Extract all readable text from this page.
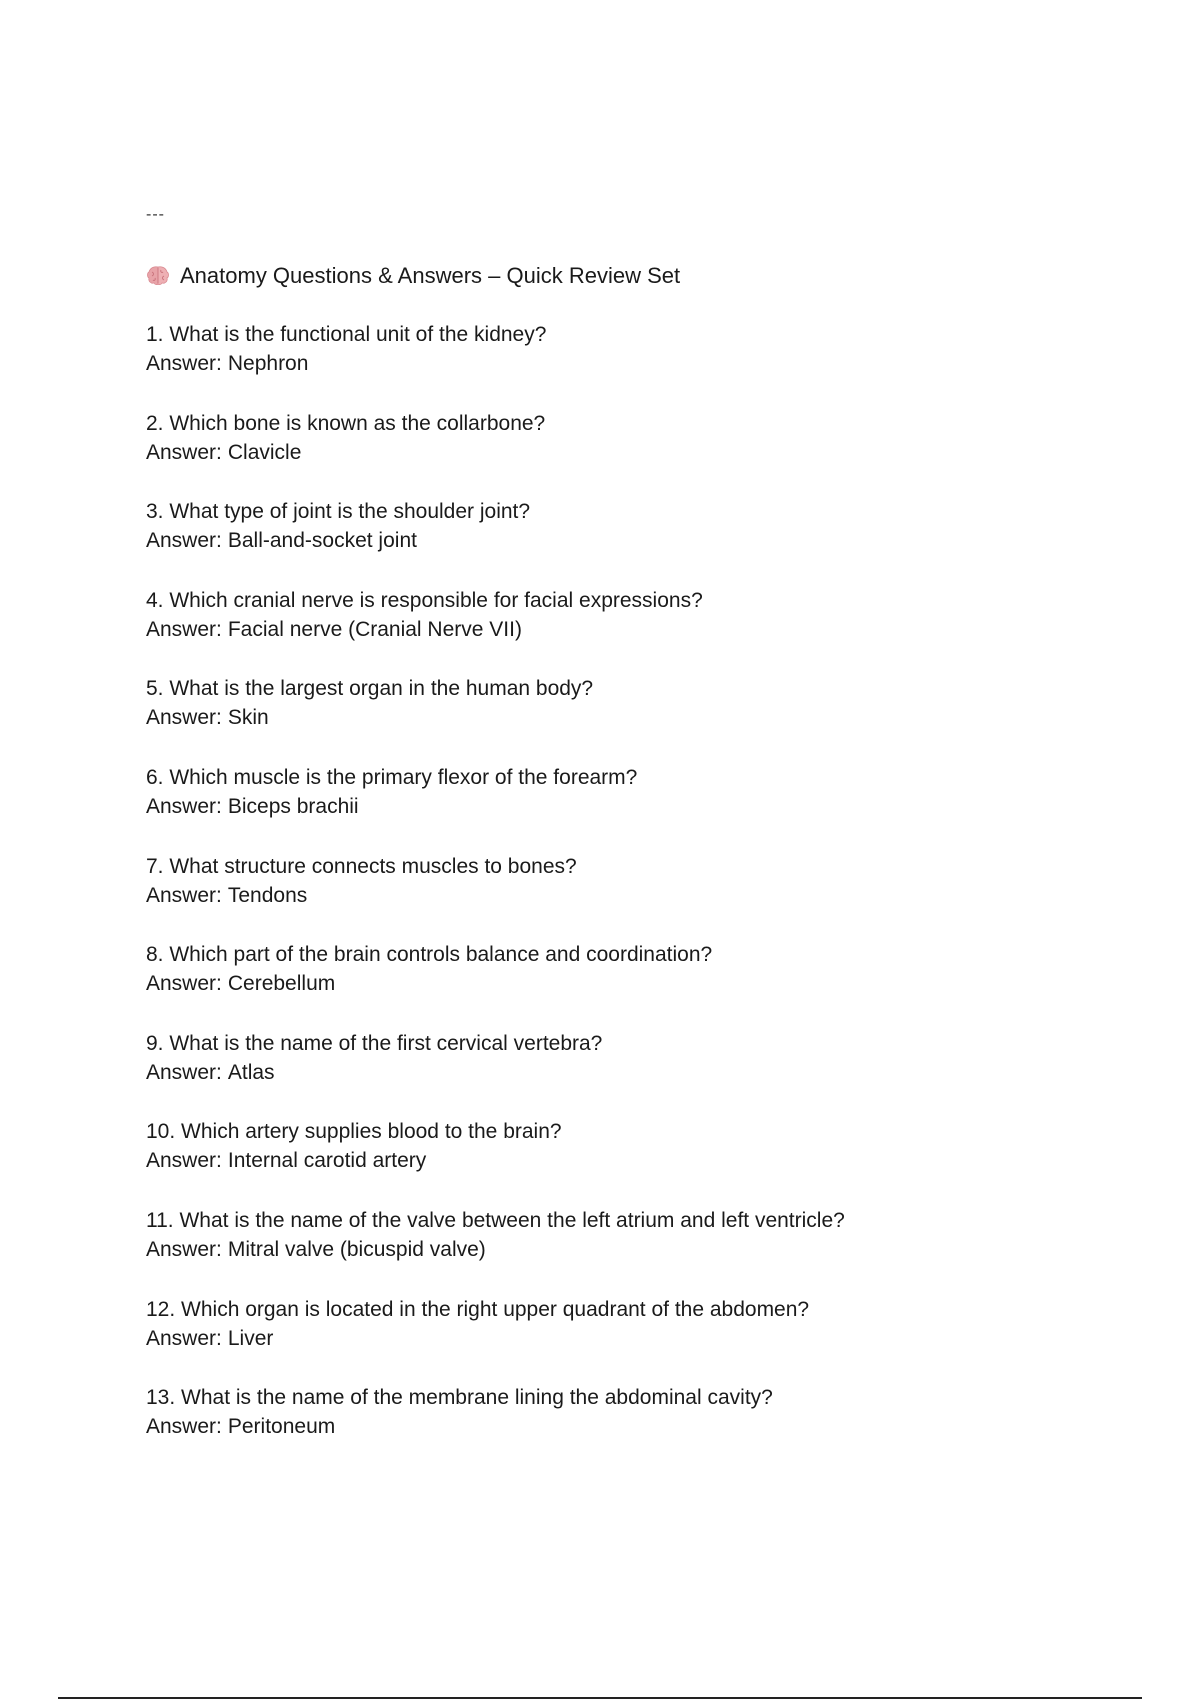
---
Anatomy Questions & Answers – Quick Review Set
1. What is the functional unit of the kidney?
Answer: Nephron
2. Which bone is known as the collarbone?
Answer: Clavicle
3. What type of joint is the shoulder joint?
Answer: Ball-and-socket joint
4. Which cranial nerve is responsible for facial expressions?
Answer: Facial nerve (Cranial Nerve VII)
5. What is the largest organ in the human body?
Answer: Skin
6. Which muscle is the primary flexor of the forearm?
Answer: Biceps brachii
7. What structure connects muscles to bones?
Answer: Tendons
8. Which part of the brain controls balance and coordination?
Answer: Cerebellum
9. What is the name of the first cervical vertebra?
Answer: Atlas
10. Which artery supplies blood to the brain?
Answer: Internal carotid artery
11. What is the name of the valve between the left atrium and left ventricle?
Answer: Mitral valve (bicuspid valve)
12. Which organ is located in the right upper quadrant of the abdomen?
Answer: Liver
13. What is the name of the membrane lining the abdominal cavity?
Answer: Peritoneum
